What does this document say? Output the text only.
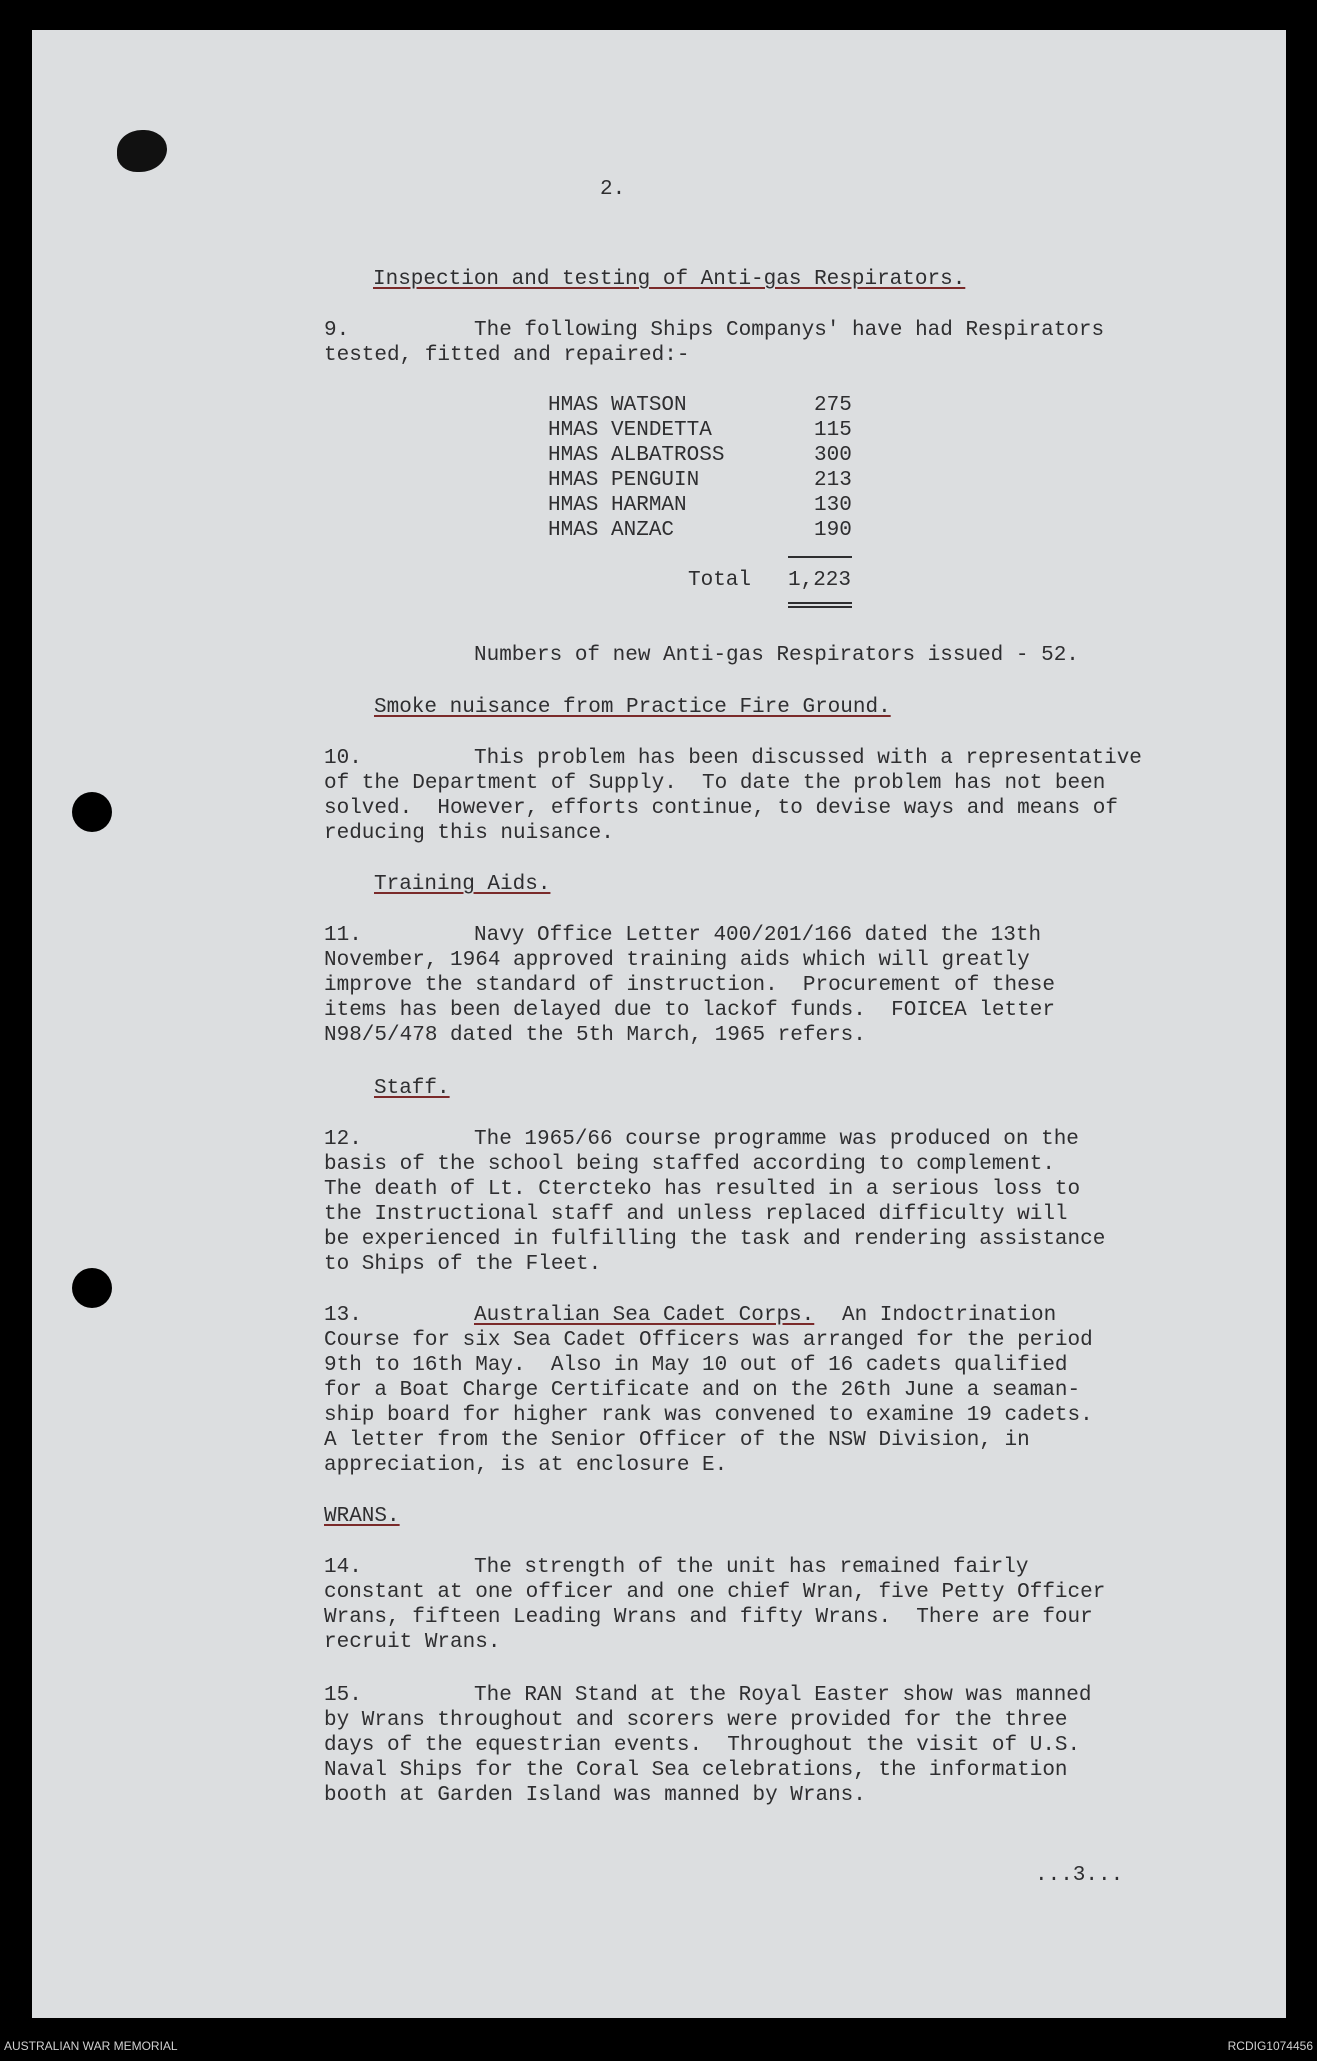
2.
Inspection and testing of Anti-gas Respirators.
9.	The following Ships Companys' have had Respirators
tested, fitted and repaired:-
HMAS WATSON	275
HMAS VENDETTA	115
HMAS ALBATROSS	300
HMAS PENGUIN	213
HMAS HARMAN	130
HMAS ANZAC	190
Total 1,223
Numbers of new Anti-gas Respirators issued - 52.
Smoke nuisance from Practice Fire Ground.
10.	This problem has been discussed with a representative
of the Department of Supply.  To date the problem has not been
solved.  However, efforts continue, to devise ways and means of
reducing this nuisance.
Training Aids.
11.	Navy Office Letter 400/201/166 dated the 13th
November, 1964 approved training aids which will greatly
improve the standard of instruction.  Procurement of these
items has been delayed due to lackof funds.  FOICEA letter
N98/5/478 dated the 5th March, 1965 refers.
Staff.
12.	The 1965/66 course programme was produced on the
basis of the school being staffed according to complement.
The death of Lt. Ctercteko has resulted in a serious loss to
the Instructional staff and unless replaced difficulty will
be experienced in fulfilling the task and rendering assistance
to Ships of the Fleet.
13.	Australian Sea Cadet Corps. An Indoctrination
Course for six Sea Cadet Officers was arranged for the period
9th to 16th May.  Also in May 10 out of 16 cadets qualified
for a Boat Charge Certificate and on the 26th June a seaman-
ship board for higher rank was convened to examine 19 cadets.
A letter from the Senior Officer of the NSW Division, in
appreciation, is at enclosure E.
WRANS.
14.	The strength of the unit has remained fairly
constant at one officer and one chief Wran, five Petty Officer
Wrans, fifteen Leading Wrans and fifty Wrans.  There are four
recruit Wrans.
15.	The RAN Stand at the Royal Easter show was manned
by Wrans throughout and scorers were provided for the three
days of the equestrian events.  Throughout the visit of U.S.
Naval Ships for the Coral Sea celebrations, the information
booth at Garden Island was manned by Wrans.
...3...
AUSTRALIAN WAR MEMORIAL	RCDIG1074456
